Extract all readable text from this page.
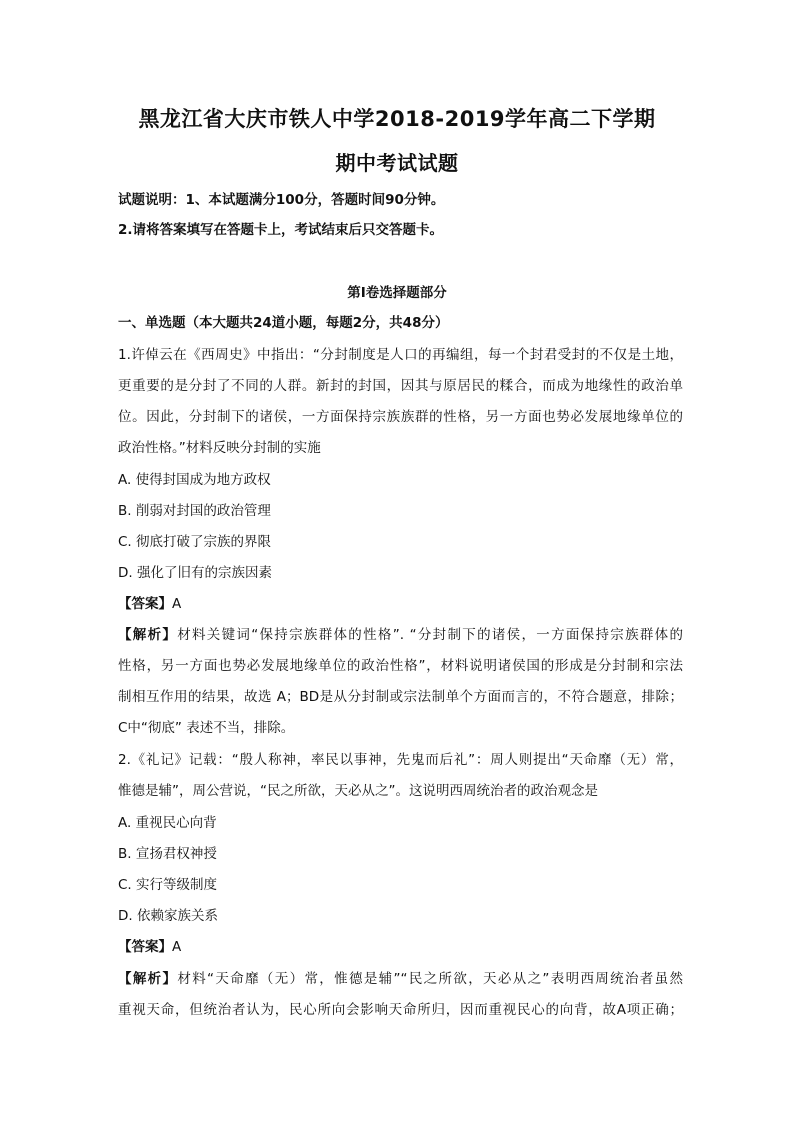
黑龙江省大庆市铁人中学2018-2019学年高二下学期
期中考试试题
试题说明：1、本试题满分100分，答题时间90分钟。
2.请将答案填写在答题卡上，考试结束后只交答题卡。
第Ⅰ卷选择题部分
一、单选题（本大题共24道小题，每题2分，共48分）
1.许倬云在《西周史》中指出：“分封制度是人口的再编组，每一个封君受封的不仅是土地，
更重要的是分封了不同的人群。新封的封国，因其与原居民的糅合，而成为地缘性的政治单
位。因此，分封制下的诸侯，一方面保持宗族族群的性格，另一方面也势必发展地缘单位的
政治性格。”材料反映分封制的实施
A. 使得封国成为地方政权
B. 削弱对封国的政治管理
C. 彻底打破了宗族的界限
D. 强化了旧有的宗族因素
【答案】A
【解析】材料关键词“保持宗族群体的性格”. “分封制下的诸侯，一方面保持宗族群体的
性格，另一方面也势必发展地缘单位的政治性格”，材料说明诸侯国的形成是分封制和宗法
制相互作用的结果，故选 A；BD是从分封制或宗法制单个方面而言的，不符合题意，排除；
C中“彻底” 表述不当，排除。
2.《礼记》记载：“殷人称神，率民以事神，先鬼而后礼”：周人则提出“天命靡（无）常，
惟德是辅”，周公营说，“民之所欲，天必从之”。这说明西周统治者的政治观念是
A. 重视民心向背
B. 宣扬君权神授
C. 实行等级制度
D. 依赖家族关系
【答案】A
【解析】材料“天命靡（无）常，惟德是辅”“民之所欲，天必从之”表明西周统治者虽然
重视天命，但统治者认为，民心所向会影响天命所归，因而重视民心的向背，故A项正确；
